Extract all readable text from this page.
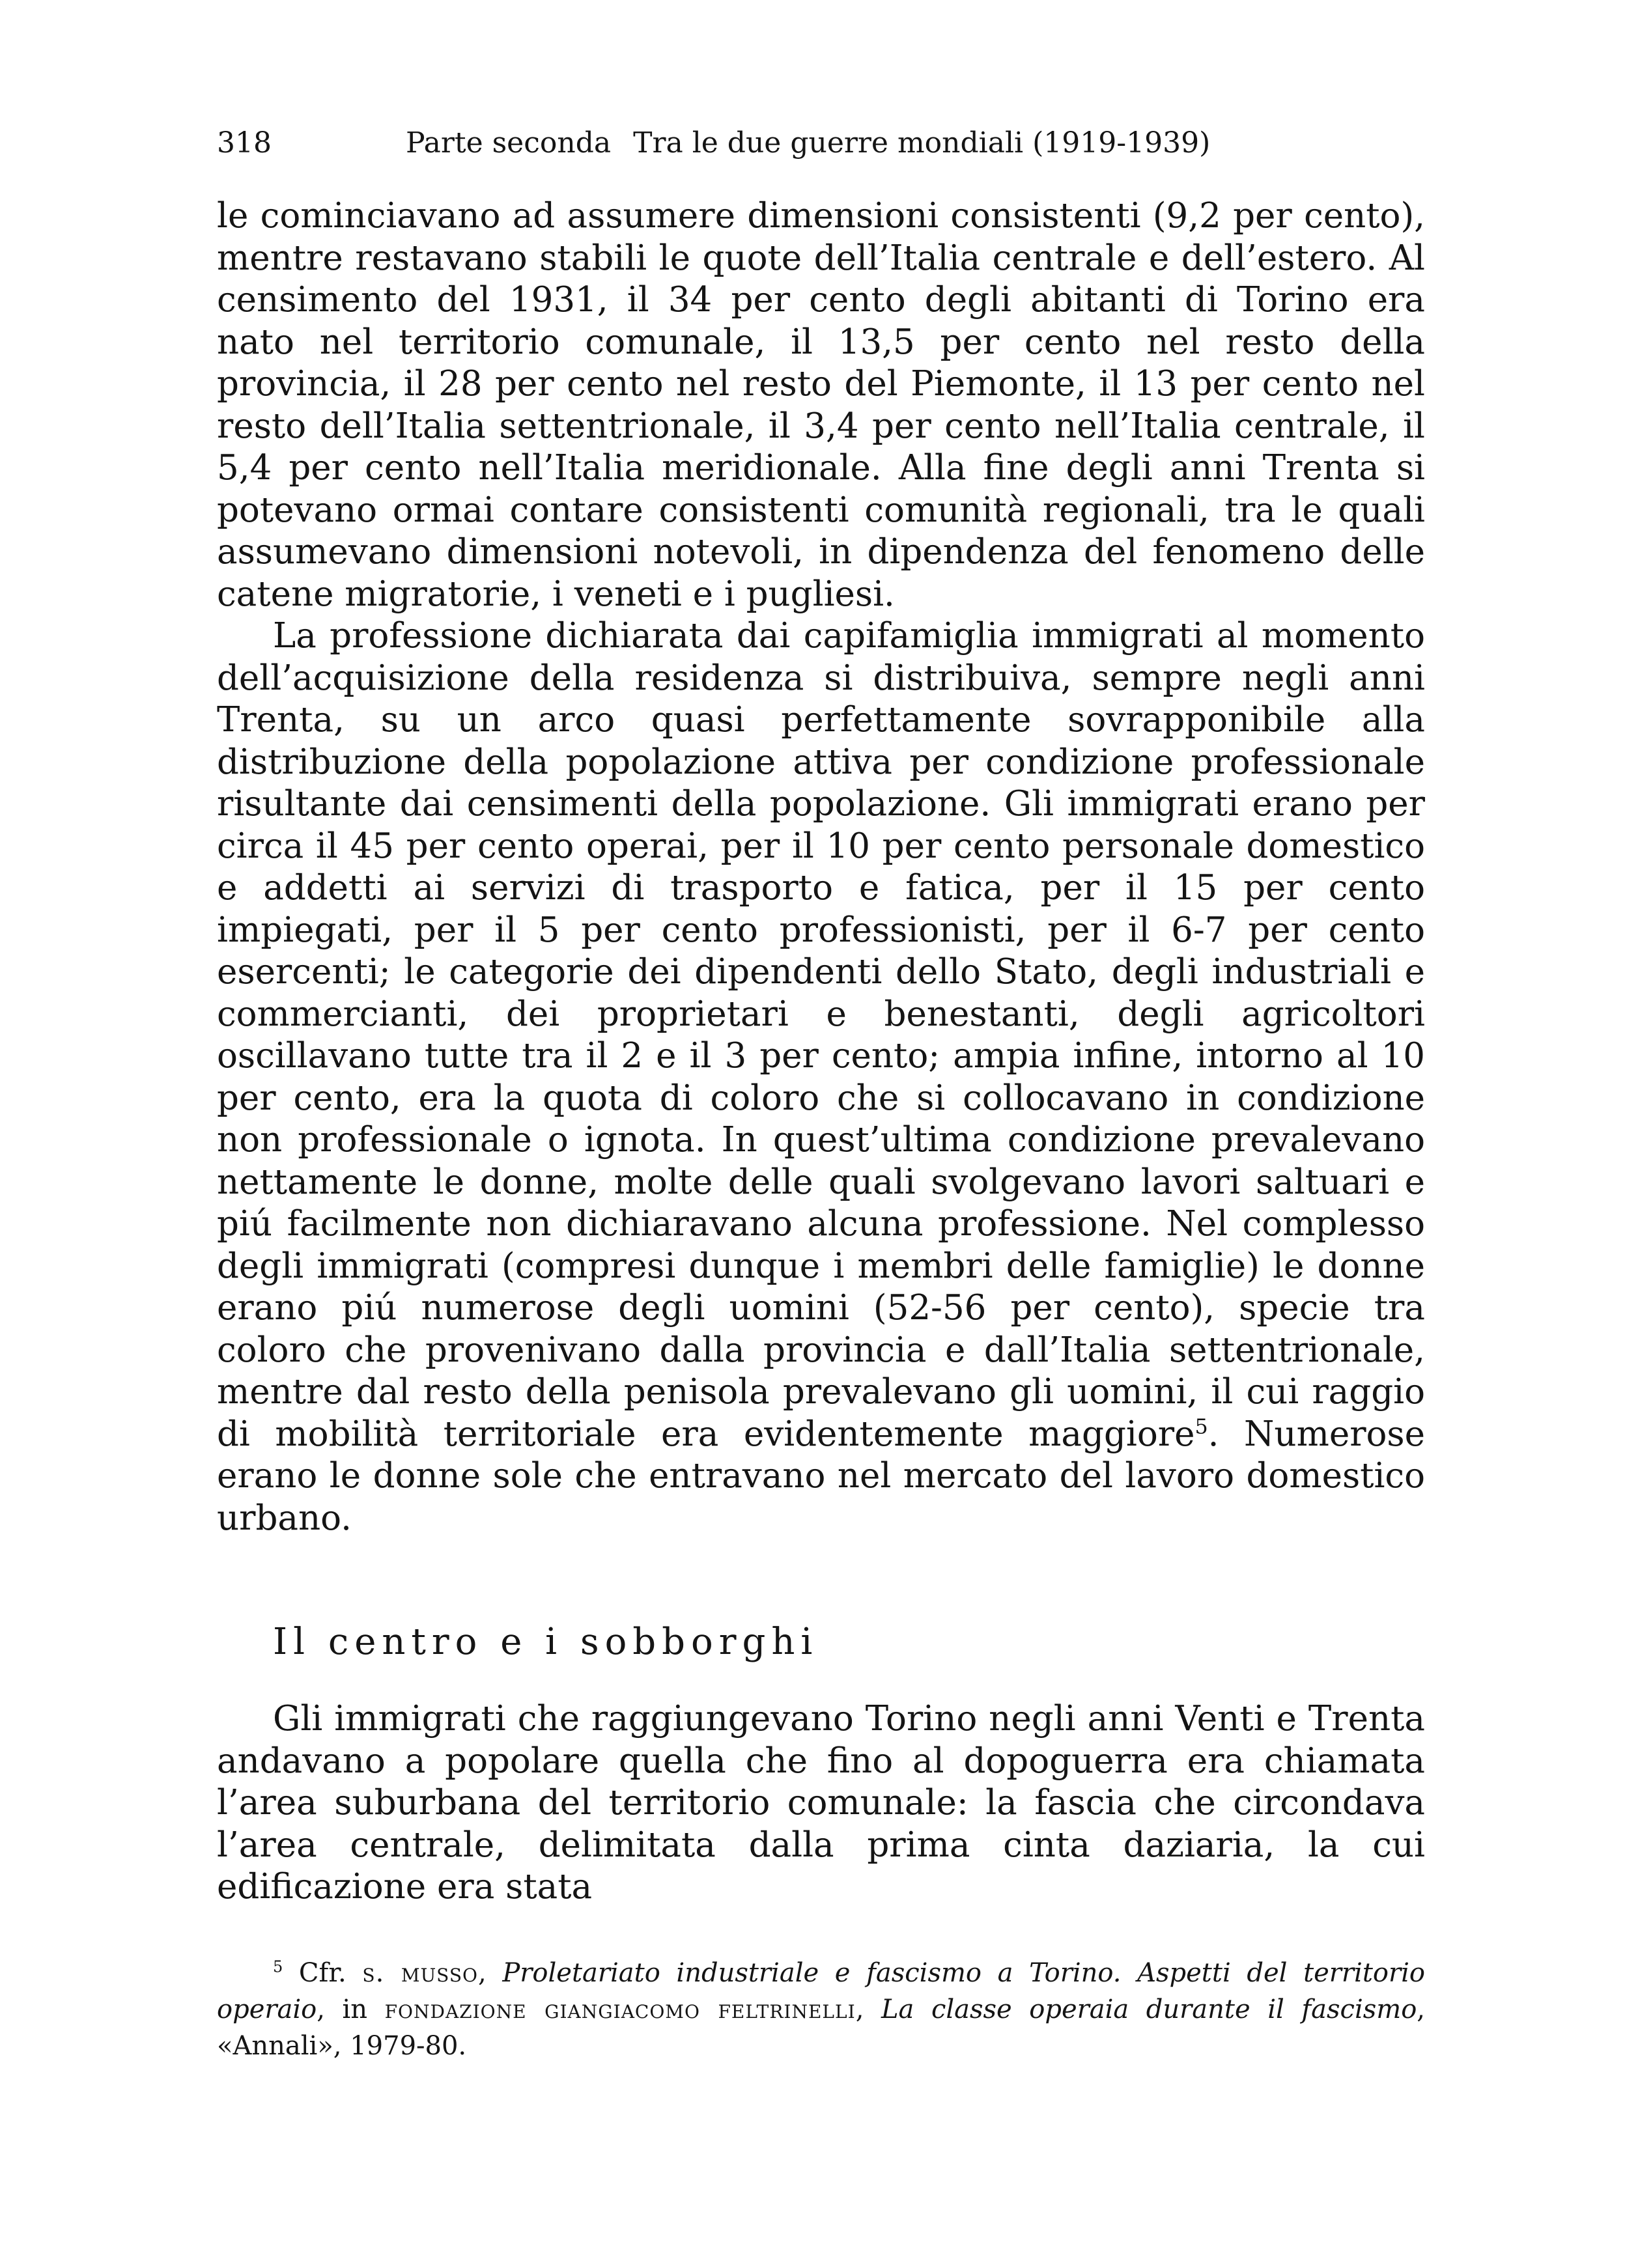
318	Parte seconda Tra le due guerre mondiali (1919-1939)

le cominciavano ad assumere dimensioni consistenti (9,2 per cento), mentre restavano stabili le quote dell’Italia centrale e dell’estero. Al censimento del 1931, il 34 per cento degli abitanti di Torino era nato nel territorio comunale, il 13,5 per cento nel resto della provincia, il 28 per cento nel resto del Piemonte, il 13 per cento nel resto dell’Italia settentrionale, il 3,4 per cento nell’Italia centrale, il 5,4 per cento nell’Italia meridionale. Alla fine degli anni Trenta si potevano ormai contare consistenti comunità regionali, tra le quali assumevano dimensioni notevoli, in dipendenza del fenomeno delle catene migratorie, i veneti e i pugliesi.

La professione dichiarata dai capifamiglia immigrati al momento dell’acquisizione della residenza si distribuiva, sempre negli anni Trenta, su un arco quasi perfettamente sovrapponibile alla distribuzione della popolazione attiva per condizione professionale risultante dai censimenti della popolazione. Gli immigrati erano per circa il 45 per cento operai, per il 10 per cento personale domestico e addetti ai servizi di trasporto e fatica, per il 15 per cento impiegati, per il 5 per cento professionisti, per il 6-7 per cento esercenti; le categorie dei dipendenti dello Stato, degli industriali e commercianti, dei proprietari e benestanti, degli agricoltori oscillavano tutte tra il 2 e il 3 per cento; ampia infine, intorno al 10 per cento, era la quota di coloro che si collocavano in condizione non professionale o ignota. In quest’ultima condizione prevalevano nettamente le donne, molte delle quali svolgevano lavori saltuari e piú facilmente non dichiaravano alcuna professione. Nel complesso degli immigrati (compresi dunque i membri delle famiglie) le donne erano piú numerose degli uomini (52-56 per cento), specie tra coloro che provenivano dalla provincia e dall’Italia settentrionale, mentre dal resto della penisola prevalevano gli uomini, il cui raggio di mobilità territoriale era evidentemente maggiore$^5$. Numerose erano le donne sole che entravano nel mercato del lavoro domestico urbano.

Il centro e i sobborghi

Gli immigrati che raggiungevano Torino negli anni Venti e Trenta andavano a popolare quella che fino al dopoguerra era chiamata l’area suburbana del territorio comunale: la fascia che circondava l’area centrale, delimitata dalla prima cinta daziaria, la cui edificazione era stata

$^5$ Cfr. s. musso, Proletariato industriale e fascismo a Torino. Aspetti del territorio operaio, in fondazione giangiacomo feltrinelli, La classe operaia durante il fascismo, «Annali», 1979-80.
